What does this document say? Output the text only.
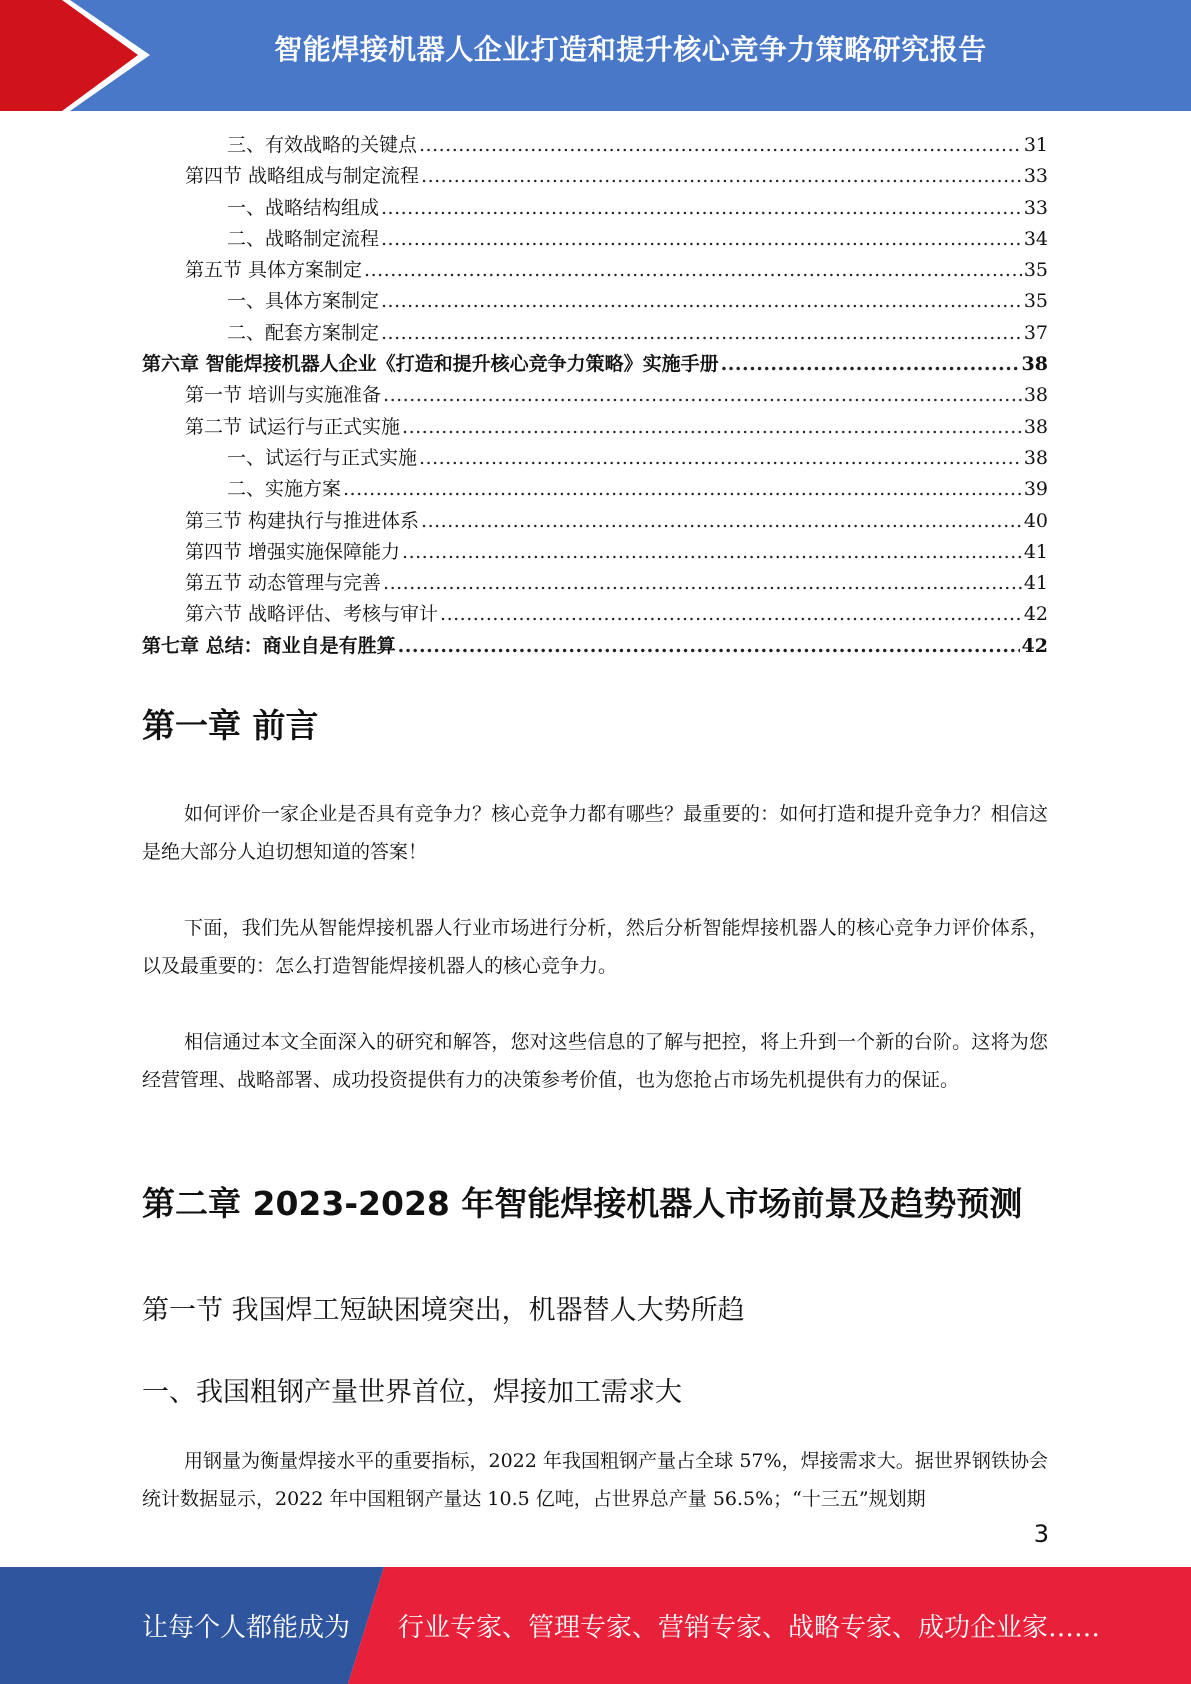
智能焊接机器人企业打造和提升核心竞争力策略研究报告
三、有效战略的关键点 .....	31
第四节 战略组成与制定流程 .....	33
一、战略结构组成 .....	33
二、战略制定流程 .....	34
第五节 具体方案制定 .....	35
一、具体方案制定 .....	35
二、配套方案制定 .....	37
第六章 智能焊接机器人企业《打造和提升核心竞争力策略》实施手册 .....	38
第一节 培训与实施准备 .....	38
第二节 试运行与正式实施 .....	38
一、试运行与正式实施 .....	38
二、实施方案 .....	39
第三节 构建执行与推进体系 .....	40
第四节 增强实施保障能力 .....	41
第五节 动态管理与完善 .....	41
第六节 战略评估、考核与审计 .....	42
第七章 总结：商业自是有胜算 .....	42
第一章 前言
如何评价一家企业是否具有竞争力？核心竞争力都有哪些？最重要的：如何打造和提升竞争力？相信这是绝大部分人迫切想知道的答案！
下面，我们先从智能焊接机器人行业市场进行分析，然后分析智能焊接机器人的核心竞争力评价体系，以及最重要的：怎么打造智能焊接机器人的核心竞争力。
相信通过本文全面深入的研究和解答，您对这些信息的了解与把控，将上升到一个新的台阶。这将为您经营管理、战略部署、成功投资提供有力的决策参考价值，也为您抢占市场先机提供有力的保证。
第二章 2023-2028 年智能焊接机器人市场前景及趋势预测
第一节 我国焊工短缺困境突出，机器替人大势所趋
一、我国粗钢产量世界首位，焊接加工需求大
用钢量为衡量焊接水平的重要指标，2022 年我国粗钢产量占全球 57%，焊接需求大。据世界钢铁协会统计数据显示，2022 年中国粗钢产量达 10.5 亿吨，占世界总产量 56.5%；“十三五”规划期
3
让每个人都能成为 行业专家、管理专家、营销专家、战略专家、成功企业家……
